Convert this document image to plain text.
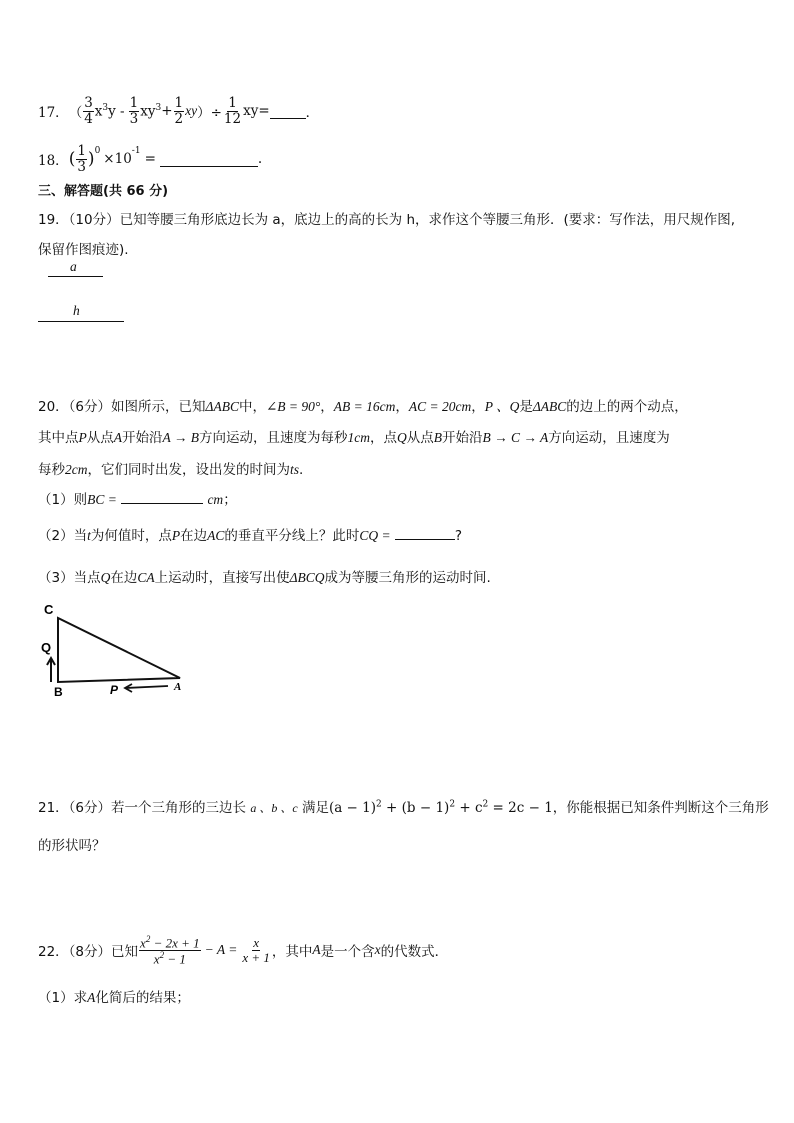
17． （ $\frac{3}{4} x^3y - \frac{1}{3} xy^3 + \frac{1}{2}$ xy ）÷ $\frac{1}{12} xy=$	．
18． ( $\frac{1}{3} )^0 \times 10^{-1}$ =	.
三、解答题(共 66 分)
19．（10分）已知等腰三角形底边长为 a，底边上的高的长为 h，求作这个等腰三角形．(要求：写作法，用尺规作图,
保留作图痕迹).
a
h
20．（6分）如图所示，已知ΔABC中，∠B = 90°，AB = 16cm，AC = 20cm，P 、Q是ΔABC的边上的两个动点，
其中点P从点A开始沿A → B方向运动，且速度为每秒1cm，点Q从点B开始沿B → C → A方向运动，且速度为
每秒2cm，它们同时出发，设出发的时间为ts.
（1）则BC =	cm；
（2）当t为何值时，点P在边AC的垂直平分线上？此时CQ =	?
（3）当点Q在边CA上运动时，直接写出使ΔBCQ成为等腰三角形的运动时间.
C
Q
B	P	A
21．（6分）若一个三角形的三边长 a 、b 、c 满足$(a - 1)^2 + (b - 1)^2 + c^2 = 2c - 1$，你能根据已知条件判断这个三角形
的形状吗？
22．（8分）已知 $\frac{x^2 - 2x + 1}{x^2 - 1} - A = \frac{x}{x + 1}$ ，其中 A 是一个含 x 的代数式．
（1）求A化简后的结果；
